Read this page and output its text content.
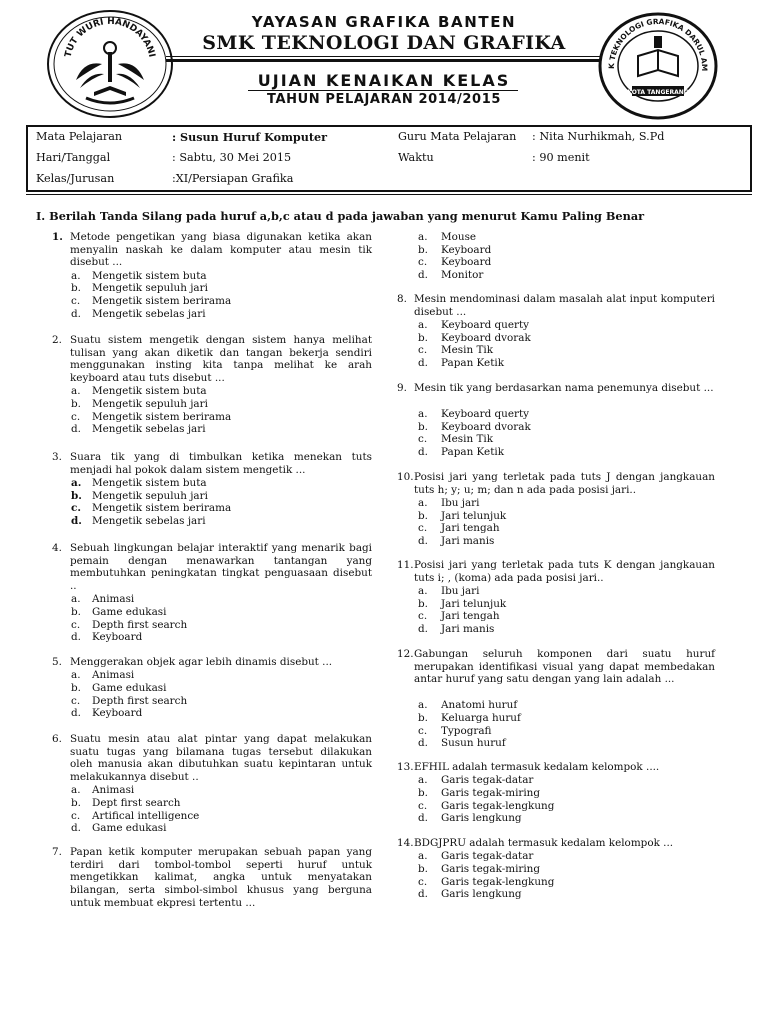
TUT WURI HANDAYANI
K TEKNOLOGI GRAFIKA DARUL AM
KOTA TANGERANG
YAYASAN GRAFIKA BANTEN
SMK TEKNOLOGI DAN GRAFIKA
UJIAN KENAIKAN KELAS
TAHUN PELAJARAN 2014/2015
Mata Pelajaran	: Susun Huruf Komputer
Hari/Tanggal	: Sabtu, 30 Mei 2015
Kelas/Jurusan	:XI/Persiapan Grafika
Guru Mata Pelajaran : Nita Nurhikmah, S.Pd
Waktu	: 90 menit
I. Berilah Tanda Silang pada huruf a,b,c atau d pada jawaban yang menurut Kamu Paling Benar
1. Metode pengetikan yang biasa digunakan ketika akan menyalin naskah ke dalam komputer atau mesin tik disebut ...
a. Mengetik sistem buta
b. Mengetik sepuluh jari
c. Mengetik sistem berirama
d. Mengetik sebelas jari
2. Suatu sistem mengetik dengan sistem hanya melihat tulisan yang akan diketik dan tangan bekerja sendiri menggunakan insting kita tanpa melihat ke arah keyboard atau tuts disebut ...
a. Mengetik sistem buta
b. Mengetik sepuluh jari
c. Mengetik sistem berirama
d. Mengetik sebelas jari
3. Suara tik yang di timbulkan ketika menekan tuts menjadi hal pokok dalam sistem mengetik ...
a. Mengetik sistem buta
b. Mengetik sepuluh jari
c. Mengetik sistem berirama
d. Mengetik sebelas jari
4. Sebuah lingkungan belajar interaktif yang menarik bagi pemain dengan menawarkan tantangan yang membutuhkan peningkatan tingkat penguasaan disebut ..
a. Animasi
b. Game edukasi
c. Depth first search
d. Keyboard
5. Menggerakan objek agar lebih dinamis disebut ...
a. Animasi
b. Game edukasi
c. Depth first search
d. Keyboard
6. Suatu mesin atau alat pintar yang dapat melakukan suatu tugas yang bilamana tugas tersebut dilakukan oleh manusia akan dibutuhkan suatu kepintaran untuk melakukannya disebut ..
a. Animasi
b. Dept first search
c. Artifical intelligence
d. Game edukasi
7. Papan ketik komputer merupakan sebuah papan yang terdiri dari tombol-tombol seperti huruf untuk mengetikkan kalimat, angka untuk menyatakan bilangan, serta simbol-simbol khusus yang berguna untuk membuat ekpresi tertentu ...
a. Mouse
b. Keyboard
c. Keyboard
d. Monitor
8. Mesin mendominasi dalam masalah alat input komputeri disebut ...
a. Keyboard querty
b. Keyboard dvorak
c. Mesin Tik
d. Papan Ketik
9. Mesin tik yang berdasarkan nama penemunya disebut ...
a. Keyboard querty
b. Keyboard dvorak
c. Mesin Tik
d. Papan Ketik
10. Posisi jari yang terletak pada tuts J dengan jangkauan tuts h; y; u; m; dan n ada pada posisi jari..
a. Ibu jari
b. Jari telunjuk
c. Jari tengah
d. Jari manis
11. Posisi jari yang terletak pada tuts K dengan jangkauan tuts i; , (koma) ada pada posisi jari..
a. Ibu jari
b. Jari telunjuk
c. Jari tengah
d. Jari manis
12. Gabungan seluruh komponen dari suatu huruf merupakan identifikasi visual yang dapat membedakan antar huruf yang satu dengan yang lain adalah ...
a. Anatomi huruf
b. Keluarga huruf
c. Typografi
d. Susun huruf
13. EFHIL adalah termasuk kedalam kelompok ....
a. Garis tegak-datar
b. Garis tegak-miring
c. Garis tegak-lengkung
d. Garis lengkung
14. BDGJPRU adalah termasuk kedalam kelompok ...
a. Garis tegak-datar
b. Garis tegak-miring
c. Garis tegak-lengkung
d. Garis lengkung
